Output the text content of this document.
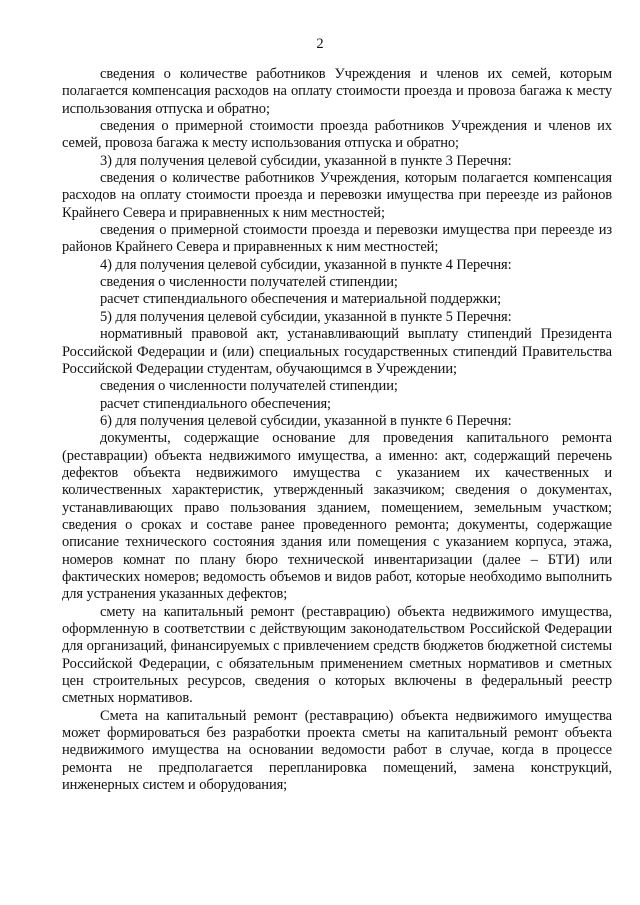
2

сведения о количестве работников Учреждения и членов их семей, которым полагается компенсация расходов на оплату стоимости проезда и провоза багажа к месту использования отпуска и обратно;

сведения о примерной стоимости проезда работников Учреждения и членов их семей, провоза багажа к месту использования отпуска и обратно;

3) для получения целевой субсидии, указанной в пункте 3 Перечня:

сведения о количестве работников Учреждения, которым полагается компенсация расходов на оплату стоимости проезда и перевозки имущества при переезде из районов Крайнего Севера и приравненных к ним местностей;

сведения о примерной стоимости проезда и перевозки имущества при переезде из районов Крайнего Севера и приравненных к ним местностей;

4) для получения целевой субсидии, указанной в пункте 4 Перечня:

сведения о численности получателей стипендии;

расчет стипендиального обеспечения и материальной поддержки;

5) для получения целевой субсидии, указанной в пункте 5 Перечня:

нормативный правовой акт, устанавливающий выплату стипендий Президента Российской Федерации и (или) специальных государственных стипендий Правительства Российской Федерации студентам, обучающимся в Учреждении;

сведения о численности получателей стипендии;

расчет стипендиального обеспечения;

6) для получения целевой субсидии, указанной в пункте 6 Перечня:

документы, содержащие основание для проведения капитального ремонта (реставрации) объекта недвижимого имущества, а именно: акт, содержащий перечень дефектов объекта недвижимого имущества с указанием их качественных и количественных характеристик, утвержденный заказчиком; сведения о документах, устанавливающих право пользования зданием, помещением, земельным участком; сведения о сроках и составе ранее проведенного ремонта; документы, содержащие описание технического состояния здания или помещения с указанием корпуса, этажа, номеров комнат по плану бюро технической инвентаризации (далее – БТИ) или фактических номеров; ведомость объемов и видов работ, которые необходимо выполнить для устранения указанных дефектов;

смету на капитальный ремонт (реставрацию) объекта недвижимого имущества, оформленную в соответствии с действующим законодательством Российской Федерации для организаций, финансируемых с привлечением средств бюджетов бюджетной системы Российской Федерации, с обязательным применением сметных нормативов и сметных цен строительных ресурсов, сведения о которых включены в федеральный реестр сметных нормативов.

Смета на капитальный ремонт (реставрацию) объекта недвижимого имущества может формироваться без разработки проекта сметы на капитальный ремонт объекта недвижимого имущества на основании ведомости работ в случае, когда в процессе ремонта не предполагается перепланировка помещений, замена конструкций, инженерных систем и оборудования;
